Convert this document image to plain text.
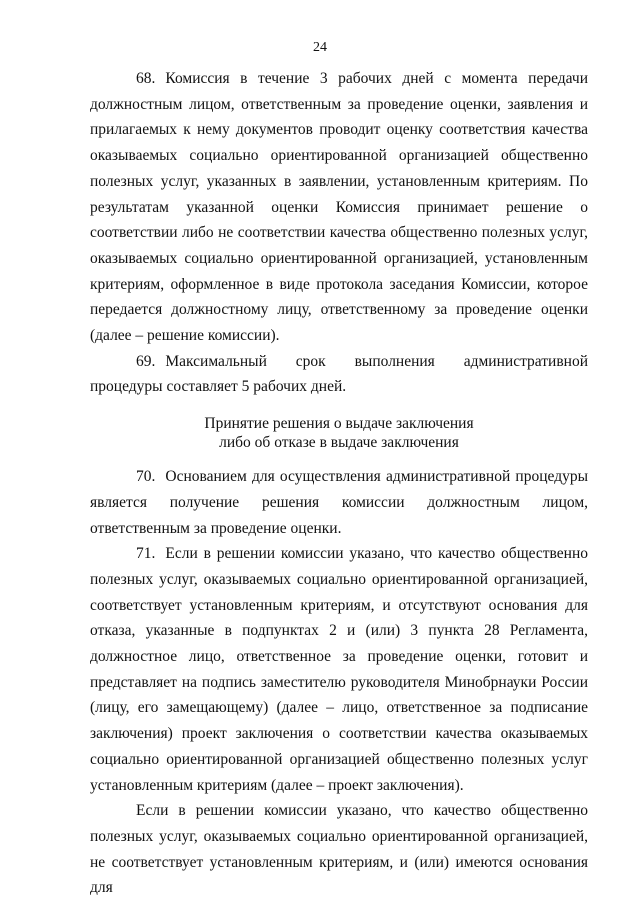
24

68. Комиссия в течение 3 рабочих дней с момента передачи должностным лицом, ответственным за проведение оценки, заявления и прилагаемых к нему документов проводит оценку соответствия качества оказываемых социально ориентированной организацией общественно полезных услуг, указанных в заявлении, установленным критериям. По результатам указанной оценки Комиссия принимает решение о соответствии либо не соответствии качества общественно полезных услуг, оказываемых социально ориентированной организацией, установленным критериям, оформленное в виде протокола заседания Комиссии, которое передается должностному лицу, ответственному за проведение оценки (далее – решение комиссии).

69. Максимальный срок выполнения административной процедуры составляет 5 рабочих дней.

Принятие решения о выдаче заключения
либо об отказе в выдаче заключения

70. Основанием для осуществления административной процедуры является получение решения комиссии должностным лицом, ответственным за проведение оценки.

71. Если в решении комиссии указано, что качество общественно полезных услуг, оказываемых социально ориентированной организацией, соответствует установленным критериям, и отсутствуют основания для отказа, указанные в подпунктах 2 и (или) 3 пункта 28 Регламента, должностное лицо, ответственное за проведение оценки, готовит и представляет на подпись заместителю руководителя Минобрнауки России (лицу, его замещающему) (далее – лицо, ответственное за подписание заключения) проект заключения о соответствии качества оказываемых социально ориентированной организацией общественно полезных услуг установленным критериям (далее – проект заключения).

Если в решении комиссии указано, что качество общественно полезных услуг, оказываемых социально ориентированной организацией, не соответствует установленным критериям, и (или) имеются основания для
